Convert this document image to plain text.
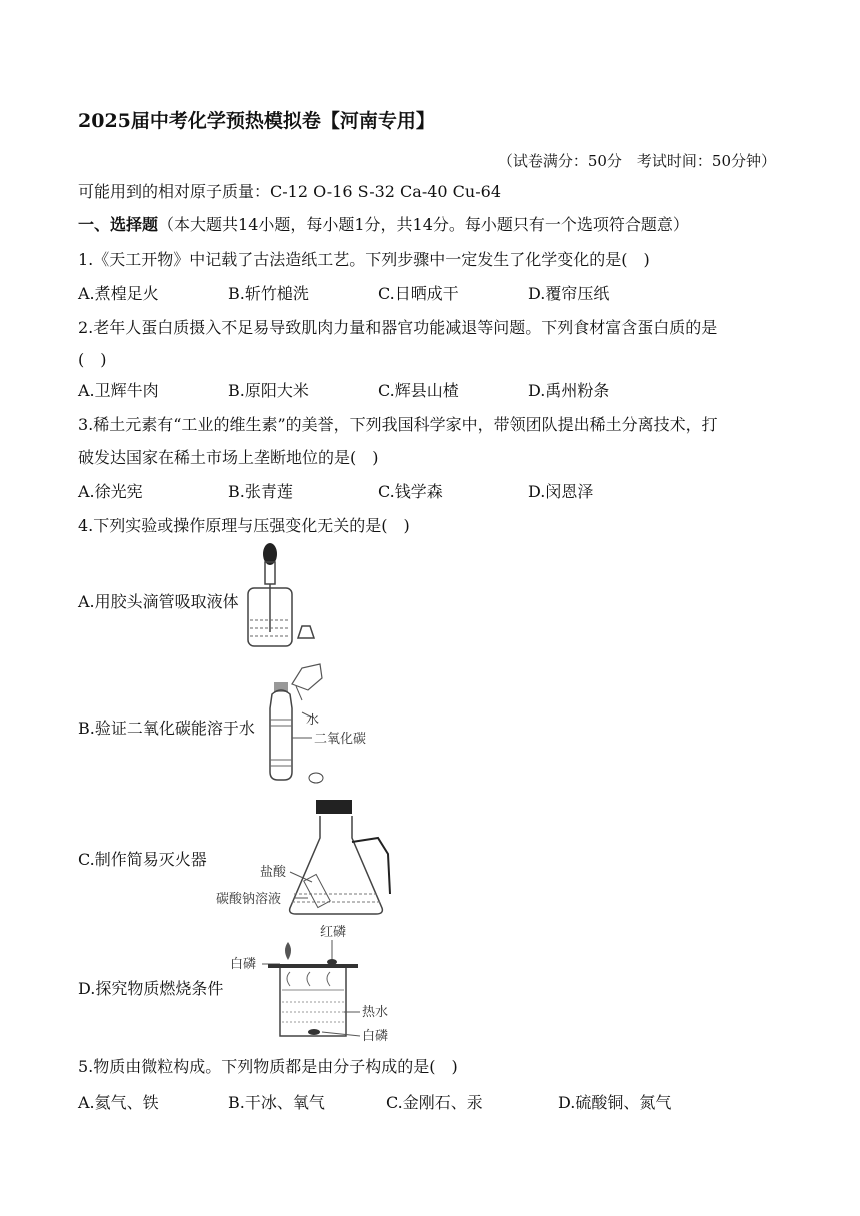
2025届中考化学预热模拟卷【河南专用】
（试卷满分：50分　考试时间：50分钟）
可能用到的相对原子质量：C-12 O-16 S-32 Ca-40 Cu-64
一、选择题（本大题共14小题，每小题1分，共14分。每小题只有一个选项符合题意）
1.《天工开物》中记载了古法造纸工艺。下列步骤中一定发生了化学变化的是(　)
A.煮楻足火	B.斩竹槌洗	C.日晒成干	D.覆帘压纸
2.老年人蛋白质摄入不足易导致肌肉力量和器官功能减退等问题。下列食材富含蛋白质的是
(　)
A.卫辉牛肉	B.原阳大米	C.辉县山楂	D.禹州粉条
3.稀土元素有“工业的维生素”的美誉，下列我国科学家中，带领团队提出稀土分离技术，打
破发达国家在稀土市场上垄断地位的是(　)
A.徐光宪	B.张青莲	C.钱学森	D.闵恩泽
4.下列实验或操作原理与压强变化无关的是(　)
A.用胶头滴管吸取液体
B.验证二氧化碳能溶于水	水
二氧化碳
C.制作简易灭火器
盐酸
碳酸钠溶液
D.探究物质燃烧条件
红磷
白磷
热水
白磷
5.物质由微粒构成。下列物质都是由分子构成的是(　)
A.氦气、铁	B.干冰、氧气	C.金刚石、汞	D.硫酸铜、氮气
